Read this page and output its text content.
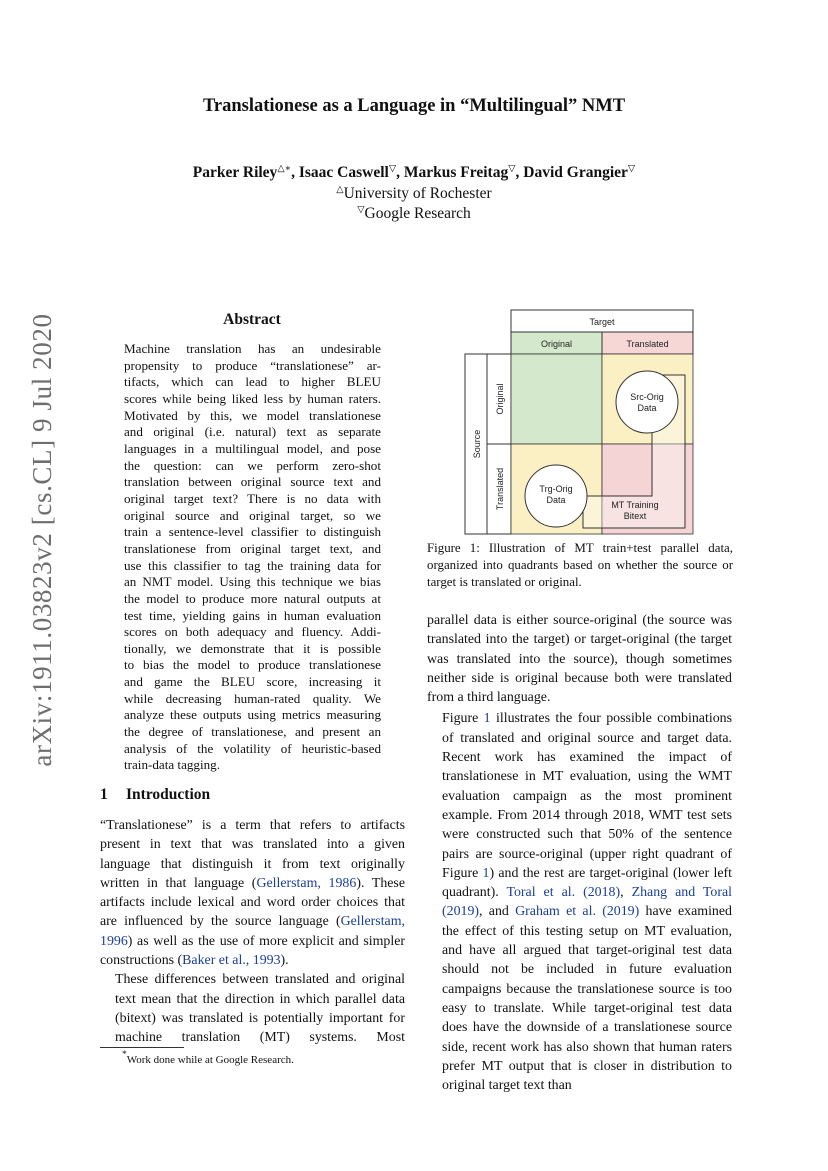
arXiv:1911.03823v2 [cs.CL] 9 Jul 2020
Translationese as a Language in “Multilingual” NMT
Parker Riley△∗, Isaac Caswell▽, Markus Freitag▽, David Grangier▽
△University of Rochester
▽Google Research
Abstract
Machine translation has an undesirable
propensity to produce “translationese” ar-
tifacts, which can lead to higher BLEU
scores while being liked less by human raters.
Motivated by this, we model translationese
and original (i.e. natural) text as separate
languages in a multilingual model, and pose
the question: can we perform zero-shot
translation between original source text and
original target text? There is no data with
original source and original target, so we
train a sentence-level classifier to distinguish
translationese from original target text, and
use this classifier to tag the training data for
an NMT model. Using this technique we bias
the model to produce more natural outputs at
test time, yielding gains in human evaluation
scores on both adequacy and fluency. Addi-
tionally, we demonstrate that it is possible
to bias the model to produce translationese
and game the BLEU score, increasing it
while decreasing human-rated quality. We
analyze these outputs using metrics measuring
the degree of translationese, and present an
analysis of the volatility of heuristic-based
train-data tagging.
1 Introduction
“Translationese” is a term that refers to artifacts present in text that was translated into a given language that distinguish it from text originally written in that language (Gellerstam, 1986). These artifacts include lexical and word order choices that are influenced by the source language (Gellerstam, 1996) as well as the use of more explicit and simpler constructions (Baker et al., 1993).
These differences between translated and original text mean that the direction in which parallel data (bitext) was translated is potentially important for machine translation (MT) systems. Most
*Work done while at Google Research.
Target
Original	Translated
Source
Original
Translated
Src-Orig
Data
Trg-Orig
Data	MT Training
Bitext
Figure 1: Illustration of MT train+test parallel data, organized into quadrants based on whether the source or target is translated or original.
parallel data is either source-original (the source was translated into the target) or target-original (the target was translated into the source), though sometimes neither side is original because both were translated from a third language.
Figure 1 illustrates the four possible combinations of translated and original source and target data. Recent work has examined the impact of translationese in MT evaluation, using the WMT evaluation campaign as the most prominent example. From 2014 through 2018, WMT test sets were constructed such that 50% of the sentence pairs are source-original (upper right quadrant of Figure 1) and the rest are target-original (lower left quadrant). Toral et al. (2018), Zhang and Toral (2019), and Graham et al. (2019) have examined the effect of this testing setup on MT evaluation, and have all argued that target-original test data should not be included in future evaluation campaigns because the translationese source is too easy to translate. While target-original test data does have the downside of a translationese source side, recent work has also shown that human raters prefer MT output that is closer in distribution to original target text than
